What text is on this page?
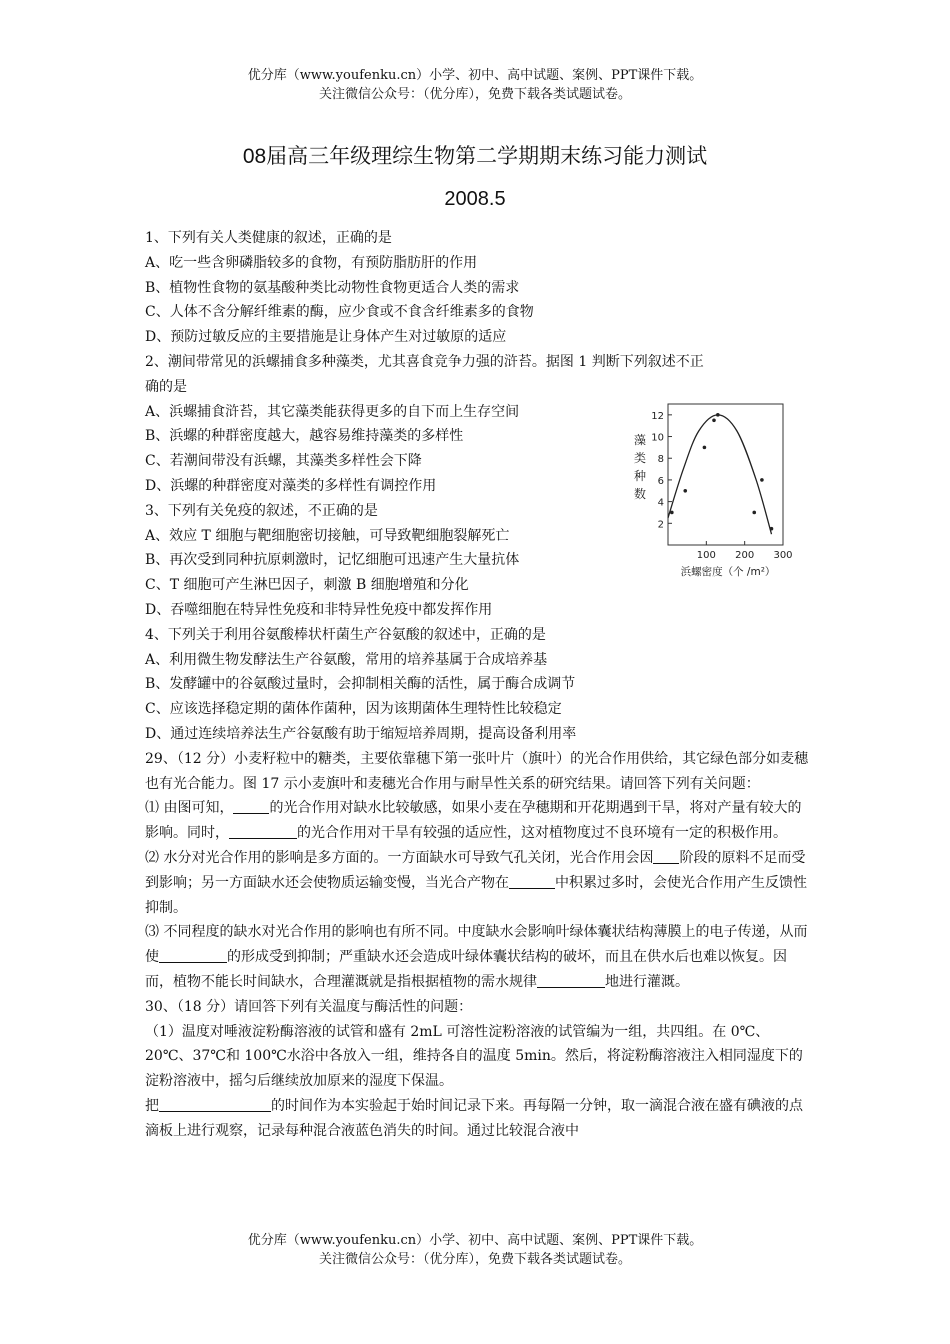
优分库（www.youfenku.cn）小学、初中、高中试题、案例、PPT课件下载。
关注微信公众号：（优分库），免费下载各类试题试卷。
08届高三年级理综生物第二学期期末练习能力测试
2008.5
1、下列有关人类健康的叙述，正确的是
A、吃一些含卵磷脂较多的食物，有预防脂肪肝的作用
B、植物性食物的氨基酸种类比动物性食物更适合人类的需求
C、人体不含分解纤维素的酶，应少食或不食含纤维素多的食物
D、预防过敏反应的主要措施是让身体产生对过敏原的适应
2、潮间带常见的浜螺捕食多种藻类，尤其喜食竞争力强的浒苔。据图 1 判断下列叙述不正
确的是
A、浜螺捕食浒苔，其它藻类能获得更多的自下而上生存空间
B、浜螺的种群密度越大，越容易维持藻类的多样性
C、若潮间带没有浜螺，其藻类多样性会下降
D、浜螺的种群密度对藻类的多样性有调控作用
3、下列有关免疫的叙述，不正确的是
A、效应 T 细胞与靶细胞密切接触，可导致靶细胞裂解死亡
B、再次受到同种抗原刺激时，记忆细胞可迅速产生大量抗体
C、T 细胞可产生淋巴因子，刺激 B 细胞增殖和分化
D、吞噬细胞在特异性免疫和非特异性免疫中都发挥作用
4、下列关于利用谷氨酸棒状杆菌生产谷氨酸的叙述中，正确的是
A、利用微生物发酵法生产谷氨酸，常用的培养基属于合成培养基
B、发酵罐中的谷氨酸过量时，会抑制相关酶的活性，属于酶合成调节
C、应该选择稳定期的菌体作菌种，因为该期菌体生理特性比较稳定
D、通过连续培养法生产谷氨酸有助于缩短培养周期，提高设备利用率
29、（12 分）小麦籽粒中的糖类，主要依靠穗下第一张叶片（旗叶）的光合作用供给，其它绿色部分如麦穗也有光合能力。图 17 示小麦旗叶和麦穗光合作用与耐旱性关系的研究结果。请回答下列有关问题：
⑴ 由图可知，	的光合作用对缺水比较敏感，如果小麦在孕穗期和开花期遇到干旱，将对产量有较大的影响。同时，	的光合作用对干旱有较强的适应性，这对植物度过不良环境有一定的积极作用。
⑵ 水分对光合作用的影响是多方面的。一方面缺水可导致气孔关闭，光合作用会因 阶段的原料不足而受到影响；另一方面缺水还会使物质运输变慢，当光合产物在	中积累过多时，会使光合作用产生反馈性抑制。
⑶ 不同程度的缺水对光合作用的影响也有所不同。中度缺水会影响叶绿体囊状结构薄膜上的电子传递，从而使	的形成受到抑制；严重缺水还会造成叶绿体囊状结构的破坏，而且在供水后也难以恢复。因而，植物不能长时间缺水，合理灌溉就是指根据植物的需水规律	地进行灌溉。
30、（18 分）请回答下列有关温度与酶活性的问题：
（1）温度对唾液淀粉酶溶液的试管和盛有 2mL 可溶性淀粉溶液的试管编为一组，共四组。在 0℃、20℃、37℃和 100℃水浴中各放入一组，维持各自的温度 5min。然后，将淀粉酶溶液注入相同湿度下的淀粉溶液中，摇匀后继续放加原来的湿度下保温。
把	的时间作为本实验起于始时间记录下来。再每隔一分钟，取一滴混合液在盛有碘液的点滴板上进行观察，记录每种混合液蓝色消失的时间。通过比较混合液中
藻
类
种
数
12
10
8
6
4
2
100 200 300
浜螺密度（个 /m²）
优分库（www.youfenku.cn）小学、初中、高中试题、案例、PPT课件下载。
关注微信公众号：（优分库），免费下载各类试题试卷。
